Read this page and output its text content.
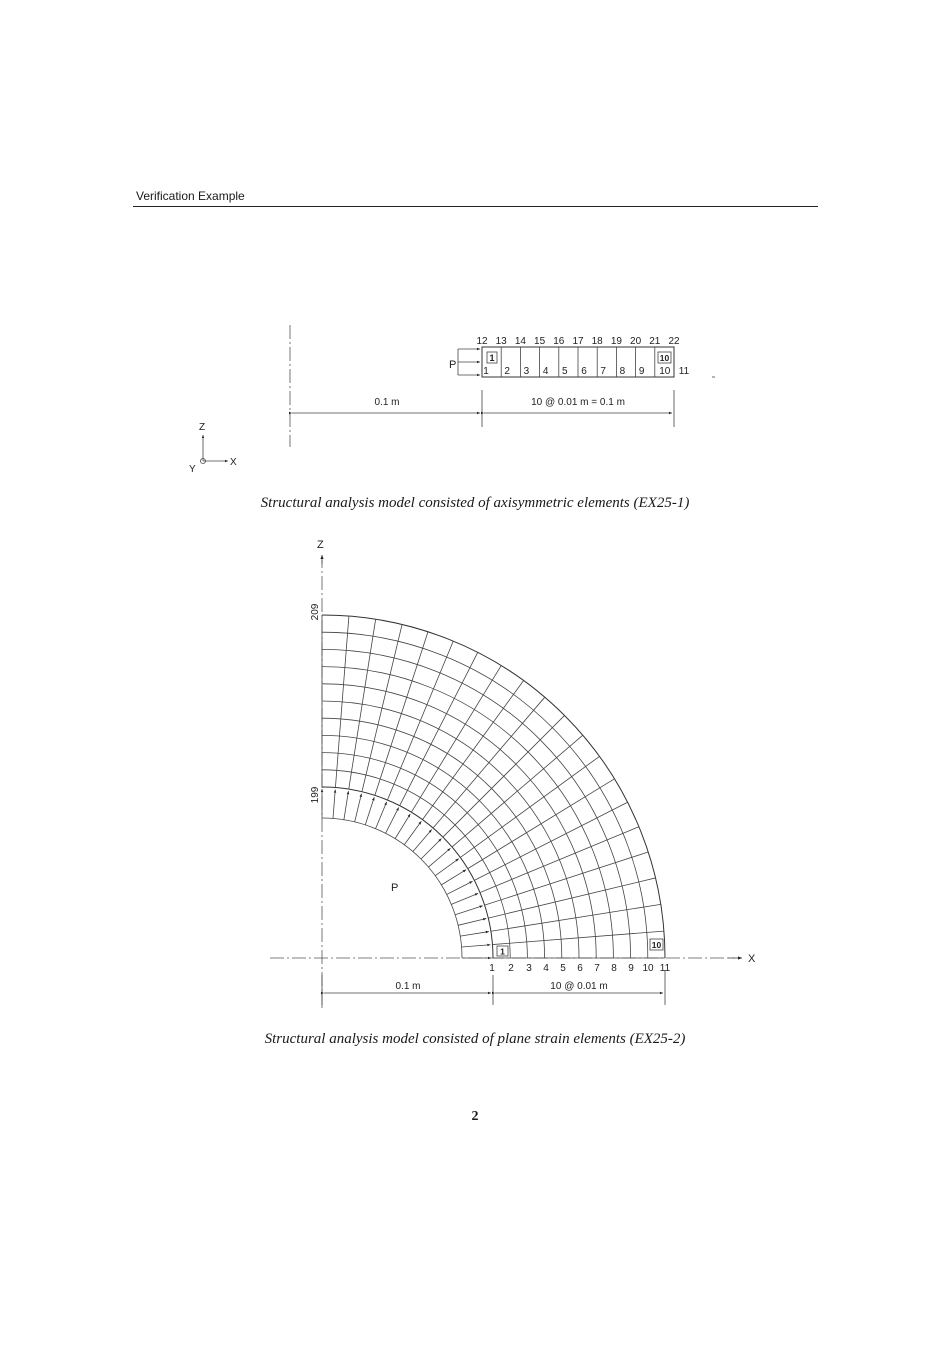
Verification Example
1	10
12 13 14 15 16 17 18 19 20 21 22
1 2 3 4 5 6 7 8 9 10 11
P
0.1 m	10 @ 0.01 m = 0.1 m
Z
X
Y
Structural analysis model consisted of axisymmetric elements (EX25-1)
Z
X
1
10
1 2 3 4 5 6 7 8 9 10 11
199
209
P
0.1 m	10 @ 0.01 m
Structural analysis model consisted of plane strain elements (EX25-2)
2
